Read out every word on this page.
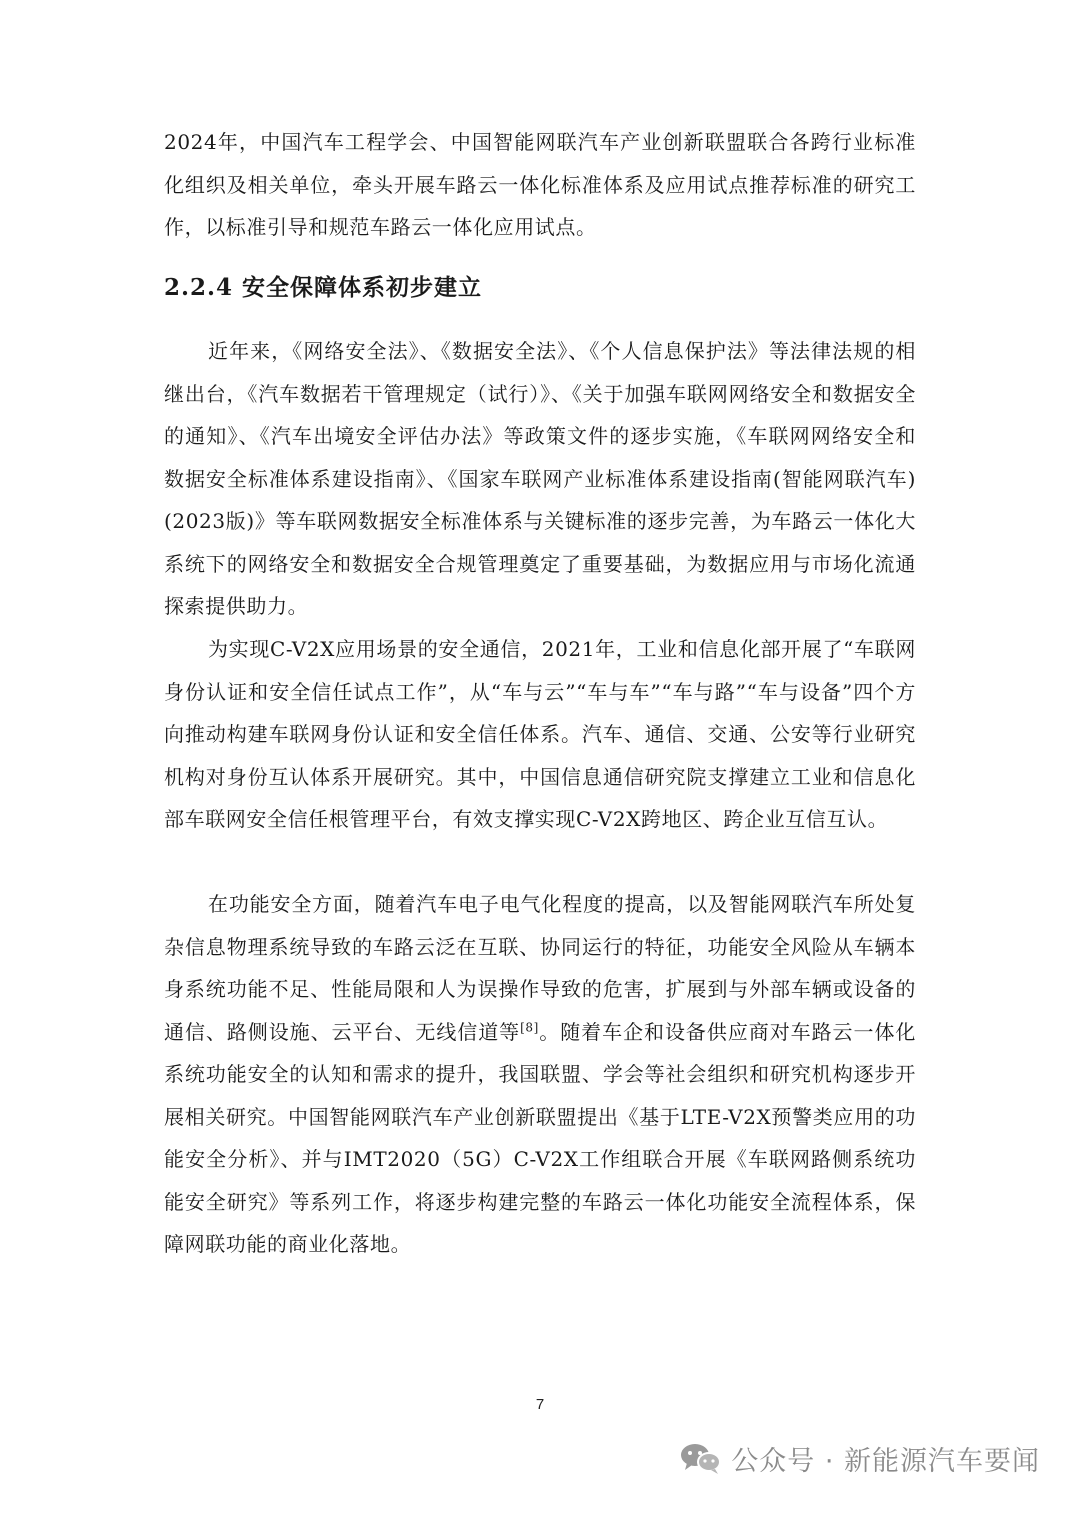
2024年，中国汽车工程学会、中国智能网联汽车产业创新联盟联合各跨行业标准化组织及相关单位，牵头开展车路云一体化标准体系及应用试点推荐标准的研究工作，以标准引导和规范车路云一体化应用试点。

2.2.4 安全保障体系初步建立

近年来，《网络安全法》、《数据安全法》、《个人信息保护法》等法律法规的相继出台，《汽车数据若干管理规定（试行）》、《关于加强车联网网络安全和数据安全的通知》、《汽车出境安全评估办法》等政策文件的逐步实施，《车联网网络安全和数据安全标准体系建设指南》、《国家车联网产业标准体系建设指南(智能网联汽车)(2023版)》等车联网数据安全标准体系与关键标准的逐步完善，为车路云一体化大系统下的网络安全和数据安全合规管理奠定了重要基础，为数据应用与市场化流通探索提供助力。

为实现C-V2X应用场景的安全通信，2021年，工业和信息化部开展了“车联网身份认证和安全信任试点工作”，从“车与云”“车与车”“车与路”“车与设备”四个方向推动构建车联网身份认证和安全信任体系。汽车、通信、交通、公安等行业研究机构对身份互认体系开展研究。其中，中国信息通信研究院支撑建立工业和信息化部车联网安全信任根管理平台，有效支撑实现C-V2X跨地区、跨企业互信互认。

在功能安全方面，随着汽车电子电气化程度的提高，以及智能网联汽车所处复杂信息物理系统导致的车路云泛在互联、协同运行的特征，功能安全风险从车辆本身系统功能不足、性能局限和人为误操作导致的危害，扩展到与外部车辆或设备的通信、路侧设施、云平台、无线信道等[8]。随着车企和设备供应商对车路云一体化系统功能安全的认知和需求的提升，我国联盟、学会等社会组织和研究机构逐步开展相关研究。中国智能网联汽车产业创新联盟提出《基于LTE-V2X预警类应用的功能安全分析》、并与IMT2020（5G）C-V2X工作组联合开展《车联网路侧系统功能安全研究》等系列工作，将逐步构建完整的车路云一体化功能安全流程体系，保障网联功能的商业化落地。

7
公众号 · 新能源汽车要闻
